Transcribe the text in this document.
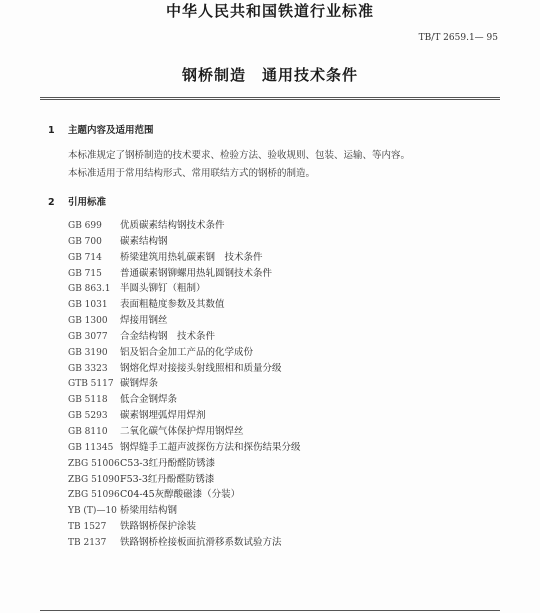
中华人民共和国铁道行业标准
TB/T 2659.1— 95
钢桥制造 通用技术条件
1 主题内容及适用范围
本标准规定了钢桥制造的技术要求、检验方法、验收规则、包装、运输、等内容。
本标准适用于常用结构形式、常用联结方式的钢桥的制造。
2 引用标准
GB 699 优质碳素结构钢技术条件
GB 700 碳素结构钢
GB 714 桥梁建筑用热轧碳素钢　技术条件
GB 715 普通碳素钢铆螺用热轧圆钢技术条件
GB 863.1 半圆头铆钉（粗制）
GB 1031 表面粗糙度参数及其数值
GB 1300 焊接用钢丝
GB 3077 合金结构钢　技术条件
GB 3190 铝及铝合金加工产品的化学成份
GB 3323 钢熔化焊对接接头射线照相和质量分级
GTB 5117 碳钢焊条
GB 5118 低合金钢焊条
GB 5293 碳素钢埋弧焊用焊剂
GB 8110 二氧化碳气体保护焊用钢焊丝
GB 11345 钢焊缝手工超声波探伤方法和探伤结果分级
ZBG 51006C53-3红丹酚醛防锈漆
ZBG 51090F53-3红丹酚醛防锈漆
ZBG 51096C04-45灰醇酸磁漆（分装）
YB (T)—10 桥梁用结构钢
TB 1527 铁路钢桥保护涂装
TB 2137 铁路钢桥栓接板面抗滑移系数试验方法
